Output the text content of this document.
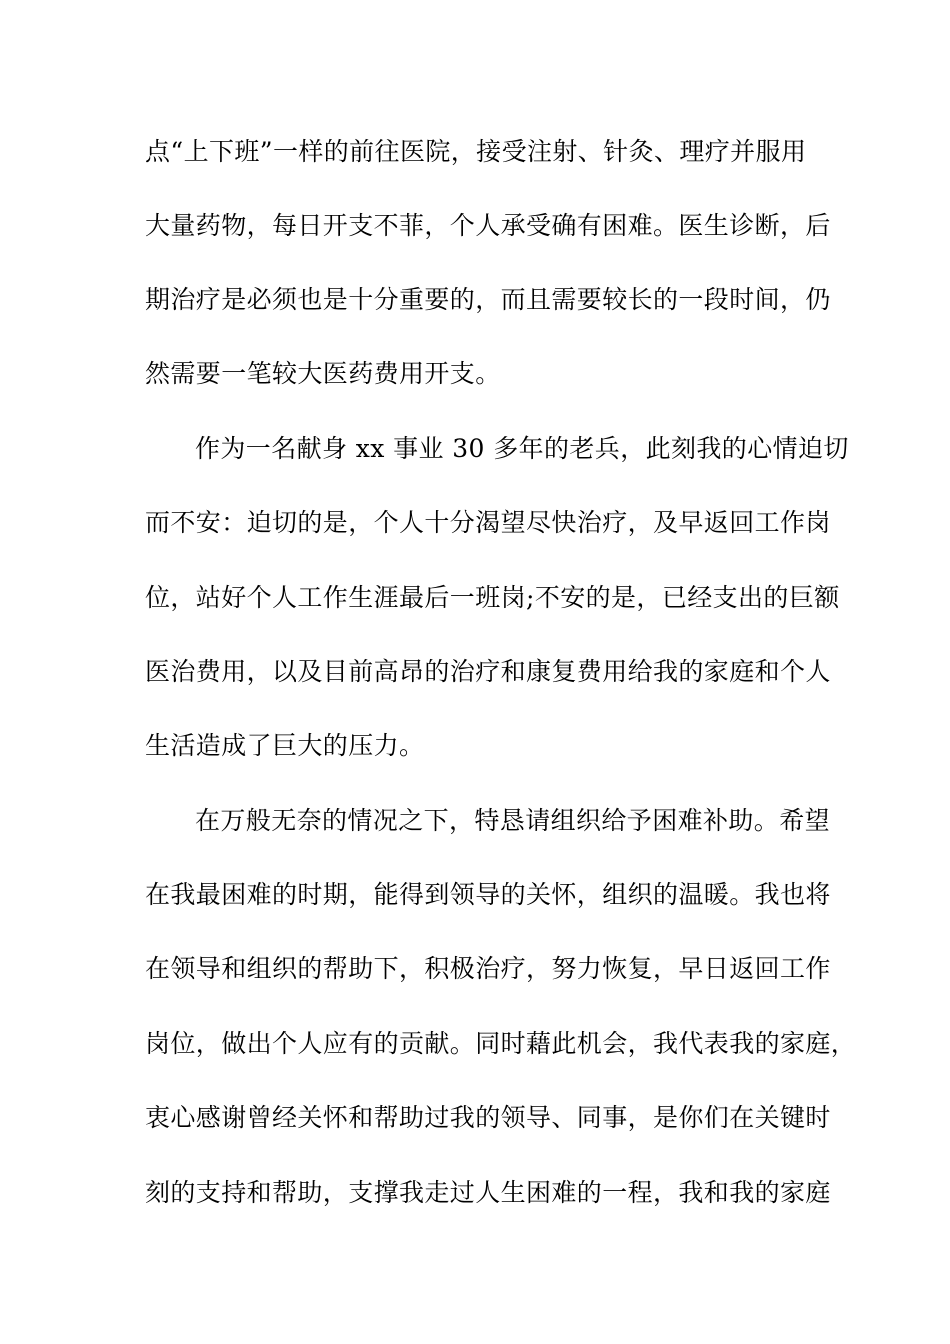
点“上下班”一样的前往医院，接受注射、针灸、理疗并服用
大量药物，每日开支不菲，个人承受确有困难。医生诊断，后
期治疗是必须也是十分重要的，而且需要较长的一段时间，仍
然需要一笔较大医药费用开支。
作为一名献身 xx 事业 30 多年的老兵，此刻我的心情迫切
而不安：迫切的是，个人十分渴望尽快治疗，及早返回工作岗
位，站好个人工作生涯最后一班岗;不安的是，已经支出的巨额
医治费用，以及目前高昂的治疗和康复费用给我的家庭和个人
生活造成了巨大的压力。
在万般无奈的情况之下，特恳请组织给予困难补助。希望
在我最困难的时期，能得到领导的关怀，组织的温暖。我也将
在领导和组织的帮助下，积极治疗，努力恢复，早日返回工作
岗位，做出个人应有的贡献。同时藉此机会，我代表我的家庭，
衷心感谢曾经关怀和帮助过我的领导、同事，是你们在关键时
刻的支持和帮助，支撑我走过人生困难的一程，我和我的家庭
